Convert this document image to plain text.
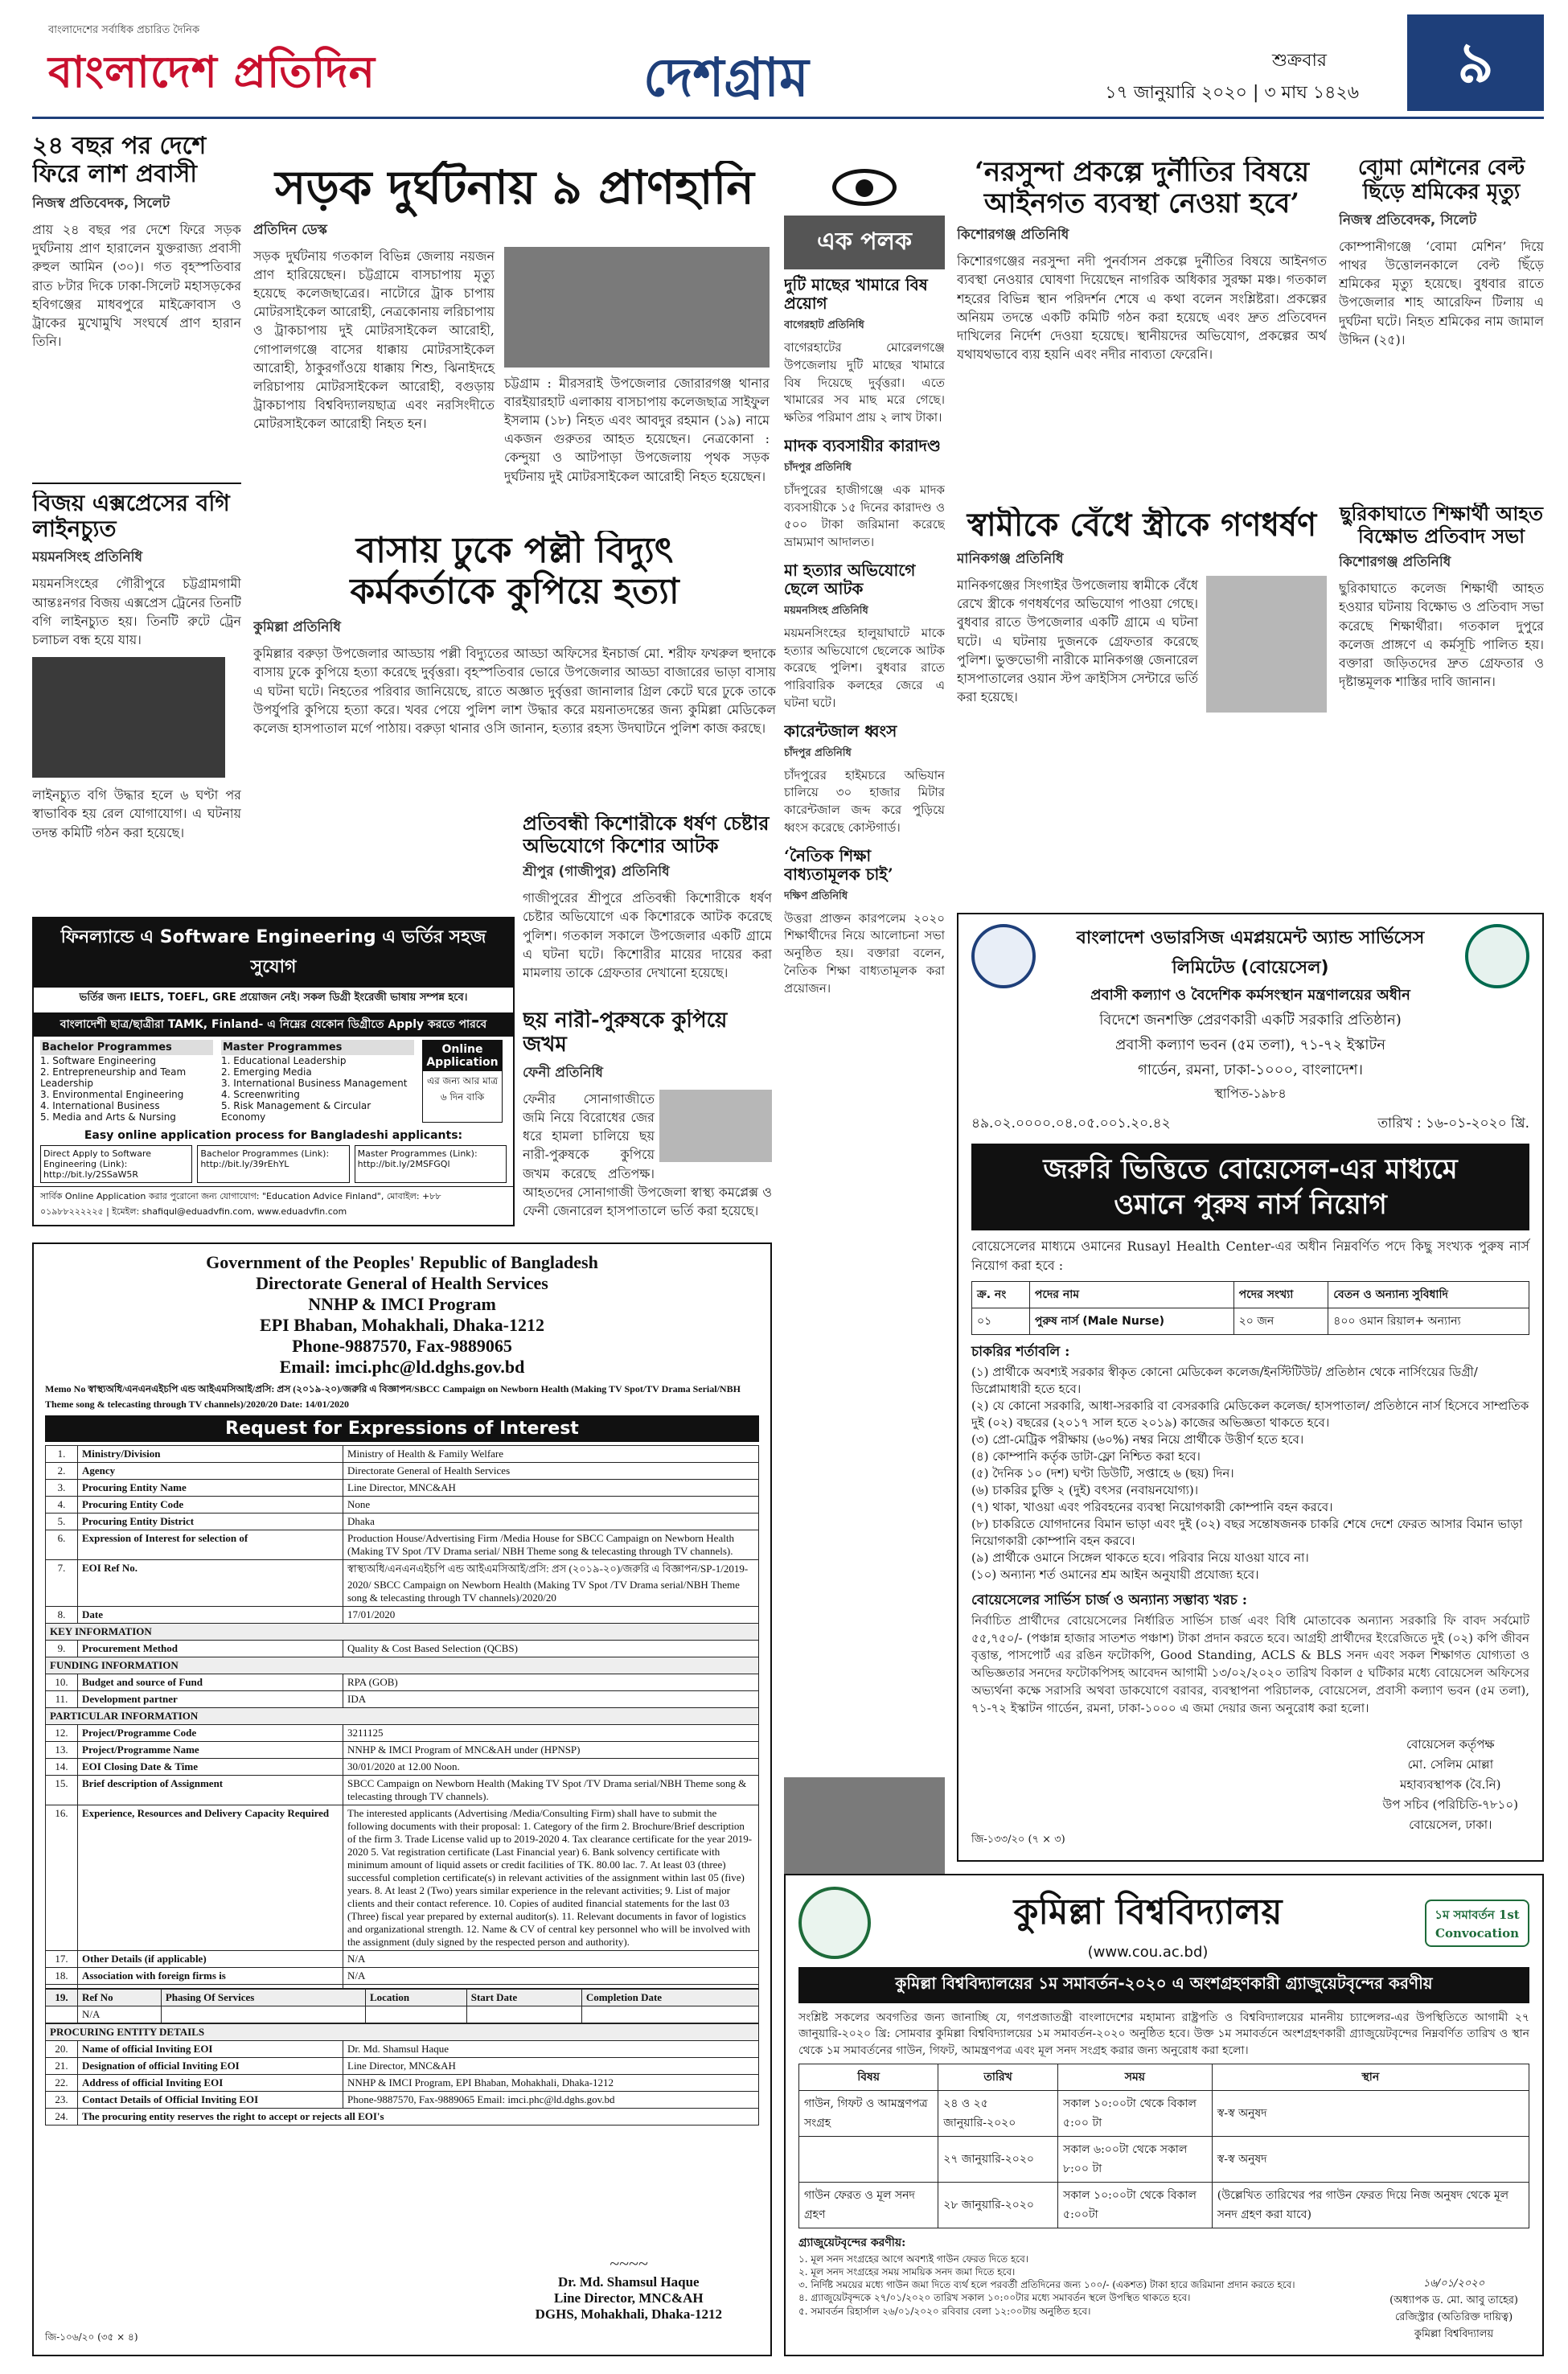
বাংলাদেশের সর্বাধিক প্রচারিত দৈনিক
বাংলাদেশ প্রতিদিন	দেশগ্রাম	শুক্রবার
১৭ জানুয়ারি ২০২০ | ৩ মাঘ ১৪২৬	৯
২৪ বছর পর দেশে ফিরে লাশ প্রবাসী
নিজস্ব প্রতিবেদক, সিলেট

প্রায় ২৪ বছর পর দেশে ফিরে সড়ক দুর্ঘটনায় প্রাণ হারালেন যুক্তরাজ্য প্রবাসী রুহুল আমিন (৩০)। গত বৃহস্পতিবার রাত ৮টার দিকে ঢাকা-সিলেট মহাসড়কের হবিগঞ্জের মাধবপুরে মাইক্রোবাস ও ট্রাকের মুখোমুখি সংঘর্ষে প্রাণ হারান তিনি।

বিজয় এক্সপ্রেসের বগি লাইনচ্যুত
ময়মনসিংহ প্রতিনিধি

ময়মনসিংহের গৌরীপুরে চট্টগ্রামগামী আন্তঃনগর বিজয় এক্সপ্রেস ট্রেনের তিনটি বগি লাইনচ্যুত হয়। তিনটি রুটে ট্রেন চলাচল বন্ধ হয়ে যায়।

লাইনচ্যুত বগি উদ্ধার হলে ৬ ঘণ্টা পর স্বাভাবিক হয় রেল যোগাযোগ। এ ঘটনায় তদন্ত কমিটি গঠন করা হয়েছে।

সড়ক দুর্ঘটনায় ৯ প্রাণহানি
প্রতিদিন ডেস্ক

সড়ক দুর্ঘটনায় গতকাল বিভিন্ন জেলায় নয়জন প্রাণ হারিয়েছেন। চট্টগ্রামে বাসচাপায় মৃত্যু হয়েছে কলেজছাত্রের। নাটোরে ট্রাক চাপায় মোটরসাইকেল আরোহী, নেত্রকোনায় লরিচাপায় ও ট্রাকচাপায় দুই মোটরসাইকেল আরোহী, গোপালগঞ্জে বাসের ধাক্কায় মোটরসাইকেল আরোহী, ঠাকুরগাঁওয়ে ধাক্কায় শিশু, ঝিনাইদহে লরিচাপায় মোটরসাইকেল আরোহী, বগুড়ায় ট্রাকচাপায় বিশ্ববিদ্যালয়ছাত্র এবং নরসিংদীতে মোটরসাইকেল আরোহী নিহত হন।

চট্টগ্রাম : মীরসরাই উপজেলার জোরারগঞ্জ থানার বারইয়ারহাট এলাকায় বাসচাপায় কলেজছাত্র সাইফুল ইসলাম (১৮) নিহত এবং আবদুর রহমান (১৯) নামে একজন গুরুতর আহত হয়েছেন। নেত্রকোনা : কেন্দুয়া ও আটপাড়া উপজেলায় পৃথক সড়ক দুর্ঘটনায় দুই মোটরসাইকেল আরোহী নিহত হয়েছেন।

বাসায় ঢুকে পল্লী বিদ্যুৎ
কর্মকর্তাকে কুপিয়ে হত্যা
কুমিল্লা প্রতিনিধি

কুমিল্লার বরুড়া উপজেলার আড্ডায় পল্লী বিদ্যুতের আড্ডা অফিসের ইনচার্জ মো. শরীফ ফখরুল হুদাকে বাসায় ঢুকে কুপিয়ে হত্যা করেছে দুর্বৃত্তরা। বৃহস্পতিবার ভোরে উপজেলার আড্ডা বাজারের ভাড়া বাসায় এ ঘটনা ঘটে। নিহতের পরিবার জানিয়েছে, রাতে অজ্ঞাত দুর্বৃত্তরা জানালার গ্রিল কেটে ঘরে ঢুকে তাকে উপর্যুপরি কুপিয়ে হত্যা করে। খবর পেয়ে পুলিশ লাশ উদ্ধার করে ময়নাতদন্তের জন্য কুমিল্লা মেডিকেল কলেজ হাসপাতাল মর্গে পাঠায়। বরুড়া থানার ওসি জানান, হত্যার রহস্য উদঘাটনে পুলিশ কাজ করছে।

প্রতিবন্ধী কিশোরীকে ধর্ষণ চেষ্টার অভিযোগে কিশোর আটক
শ্রীপুর (গাজীপুর) প্রতিনিধি

গাজীপুরের শ্রীপুরে প্রতিবন্ধী কিশোরীকে ধর্ষণ চেষ্টার অভিযোগে এক কিশোরকে আটক করেছে পুলিশ। গতকাল সকালে উপজেলার একটি গ্রামে এ ঘটনা ঘটে। কিশোরীর মায়ের দায়ের করা মামলায় তাকে গ্রেফতার দেখানো হয়েছে।

ছয় নারী-পুরুষকে কুপিয়ে জখম
ফেনী প্রতিনিধি

ফেনীর সোনাগাজীতে জমি নিয়ে বিরোধের জের ধরে হামলা চালিয়ে ছয় নারী-পুরুষকে কুপিয়ে জখম করেছে প্রতিপক্ষ। আহতদের সোনাগাজী উপজেলা স্বাস্থ্য কমপ্লেক্স ও ফেনী জেনারেল হাসপাতালে ভর্তি করা হয়েছে।

ফিনল্যান্ডে এ Software Engineering এ ভর্তির সহজ সুযোগ
ভর্তির জন্য IELTS, TOEFL, GRE প্রয়োজন নেই। সকল ডিগ্রী ইংরেজী ভাষায় সম্পন্ন হবে।
বাংলাদেশী ছাত্র/ছাত্রীরা TAMK, Finland- এ নিম্নের যেকোন ডিগ্রীতে Apply করতে পারবে
Bachelor Programmes
1. Software Engineering
2. Entrepreneurship and Team Leadership
3. Environmental Engineering
4. International Business
5. Media and Arts & Nursing
Master Programmes
1. Educational Leadership
2. Emerging Media
3. International Business Management
4. Screenwriting
5. Risk Management & Circular Economy
Online Application
এর জন্য আর মাত্র ৬ দিন বাকি
Easy online application process for Bangladeshi applicants:
Direct Apply to Software Engineering (Link): http://bit.ly/2SSaW5R
Bachelor Programmes (Link): http://bit.ly/39rEhYL
Master Programmes (Link): http://bit.ly/2MSFGQl
সার্বিক Online Application করার পুরোনো জন্য যোগাযোগ: "Education Advice Finland", মোবাইল: +৮৮ ০১৯৮৮২২২২২৫ | ইমেইল: shafiqul@eduadvfin.com, www.eduadvfin.com
Government of the Peoples' Republic of Bangladesh
Directorate General of Health Services
NNHP & IMCI Program
EPI Bhaban, Mohakhali, Dhaka-1212
Phone-9887570, Fax-9889065
Email: imci.phc@ld.dghs.gov.bd
Memo No স্বাস্থ্যঅধি/এনএনএইচপি এন্ড আইএমসিআই/প্রসি: প্রস (২০১৯-২০)/জরুরি এ বিজ্ঞাপন/SBCC Campaign on Newborn Health (Making TV Spot/TV Drama Serial/NBH Theme song & telecasting through TV channels)/2020/20 Date: 14/01/2020
Request for Expressions of Interest
1.	Ministry/Division	Ministry of Health & Family Welfare
2.	Agency	Directorate General of Health Services
3.	Procuring Entity Name	Line Director, MNC&AH
4.	Procuring Entity Code	None
5.	Procuring Entity District	Dhaka
6.	Expression of Interest for selection of	Production House/Advertising Firm /Media House for SBCC Campaign on Newborn Health (Making TV Spot /TV Drama serial/ NBH Theme song & telecasting through TV channels).
7.	EOI Ref No.	স্বাস্থ্যঅধি/এনএনএইচপি এন্ড আইএমসিআই/প্রসি: প্রস (২০১৯-২০)/জরুরি এ বিজ্ঞাপন/SP-1/2019-2020/ SBCC Campaign on Newborn Health (Making TV Spot /TV Drama serial/NBH Theme song & telecasting through TV channels)/2020/20
8.	Date	17/01/2020
KEY INFORMATION		
9.	Procurement Method	Quality & Cost Based Selection (QCBS)
FUNDING INFORMATION		
10.	Budget and source of Fund	RPA (GOB)
11.	Development partner	IDA
PARTICULAR INFORMATION		
12.	Project/Programme Code	3211125
13.	Project/Programme Name	NNHP & IMCI Program of MNC&AH under (HPNSP)
14.	EOI Closing Date & Time	30/01/2020 at 12.00 Noon.
15.	Brief description of Assignment	SBCC Campaign on Newborn Health (Making TV Spot /TV Drama serial/NBH Theme song & telecasting through TV channels).
16.	Experience, Resources and Delivery Capacity Required	The interested applicants (Advertising /Media/Consulting Firm) shall have to submit the following documents with their proposal: 1. Category of the firm 2. Brochure/Brief description of the firm 3. Trade License valid up to 2019-2020 4. Tax clearance certificate for the year 2019-2020 5. Vat registration certificate (Last Financial year) 6. Bank solvency certificate with minimum amount of liquid assets or credit facilities of TK. 80.00 lac. 7. At least 03 (three) successful completion certificate(s) in relevant activities of the assignment within last 05 (five) years. 8. At least 2 (Two) years similar experience in the relevant activities; 9. List of major clients and their contact reference. 10. Copies of audited financial statements for the last 03 (Three) fiscal year prepared by external auditor(s). 11. Relevant documents in favor of logistics and organizational strength. 12. Name & CV of central key personnel who will be involved with the assignment (duly signed by the respected person and authority).
17.	Other Details (if applicable)	N/A
18.	Association with foreign firms is	N/A

19.	Ref No	Phasing Of Services	Location	Start Date	Completion Date
	N/A				
PROCURING ENTITY DETAILS		
20.	Name of official Inviting EOI	Dr. Md. Shamsul Haque
21.	Designation of official Inviting EOI	Line Director, MNC&AH
22.	Address of official Inviting EOI	NNHP & IMCI Program, EPI Bhaban, Mohakhali, Dhaka-1212
23.	Contact Details of Official Inviting EOI	Phone-9887570, Fax-9889065 Email: imci.phc@ld.dghs.gov.bd
24.	The procuring entity reserves the right to accept or rejects all EOI's	
~~~~
Dr. Md. Shamsul Haque
Line Director, MNC&AH
DGHS, Mohakhali, Dhaka-1212
জি-১০৬/২০ (৩৫ × ৪)
এক পলক
দুটি মাছের খামারে বিষ প্রয়োগ
বাগেরহাট প্রতিনিধি

বাগেরহাটের মোরেলগঞ্জে উপজেলায় দুটি মাছের খামারে বিষ দিয়েছে দুর্বৃত্তরা। এতে খামারের সব মাছ মরে গেছে। ক্ষতির পরিমাণ প্রায় ২ লাখ টাকা।

মাদক ব্যবসায়ীর কারাদণ্ড
চাঁদপুর প্রতিনিধি

চাঁদপুরের হাজীগঞ্জে এক মাদক ব্যবসায়ীকে ১৫ দিনের কারাদণ্ড ও ৫০০ টাকা জরিমানা করেছে ভ্রাম্যমাণ আদালত।

মা হত্যার অভিযোগে ছেলে আটক
ময়মনসিংহ প্রতিনিধি

ময়মনসিংহের হালুয়াঘাটে মাকে হত্যার অভিযোগে ছেলেকে আটক করেছে পুলিশ। বুধবার রাতে পারিবারিক কলহের জেরে এ ঘটনা ঘটে।

কারেন্টজাল ধ্বংস
চাঁদপুর প্রতিনিধি

চাঁদপুরের হাইমচরে অভিযান চালিয়ে ৩০ হাজার মিটার কারেন্টজাল জব্দ করে পুড়িয়ে ধ্বংস করেছে কোস্টগার্ড।

‘নৈতিক শিক্ষা বাধ্যতামূলক চাই’
দক্ষিণ প্রতিনিধি

উত্তরা প্রাক্তন কারপলেম ২০২০ শিক্ষার্থীদের নিয়ে আলোচনা সভা অনুষ্ঠিত হয়। বক্তারা বলেন, নৈতিক শিক্ষা বাধ্যতামূলক করা প্রয়োজন।

‘নরসুন্দা প্রকল্পে দুর্নীতির বিষয়ে
আইনগত ব্যবস্থা নেওয়া হবে’
কিশোরগঞ্জ প্রতিনিধি

কিশোরগঞ্জের নরসুন্দা নদী পুনর্বাসন প্রকল্পে দুর্নীতির বিষয়ে আইনগত ব্যবস্থা নেওয়ার ঘোষণা দিয়েছেন নাগরিক অধিকার সুরক্ষা মঞ্চ। গতকাল শহরের বিভিন্ন স্থান পরিদর্শন শেষে এ কথা বলেন সংশ্লিষ্টরা। প্রকল্পের অনিয়ম তদন্তে একটি কমিটি গঠন করা হয়েছে এবং দ্রুত প্রতিবেদন দাখিলের নির্দেশ দেওয়া হয়েছে। স্থানীয়দের অভিযোগ, প্রকল্পের অর্থ যথাযথভাবে ব্যয় হয়নি এবং নদীর নাব্যতা ফেরেনি।

বোমা মেশিনের বেল্ট ছিঁড়ে শ্রমিকের মৃত্যু
নিজস্ব প্রতিবেদক, সিলেট

কোম্পানীগঞ্জে ‘বোমা মেশিন’ দিয়ে পাথর উত্তোলনকালে বেল্ট ছিঁড়ে শ্রমিকের মৃত্যু হয়েছে। বুধবার রাতে উপজেলার শাহ আরেফিন টিলায় এ দুর্ঘটনা ঘটে। নিহত শ্রমিকের নাম জামাল উদ্দিন (২৫)।

স্বামীকে বেঁধে স্ত্রীকে গণধর্ষণ
মানিকগঞ্জ প্রতিনিধি

মানিকগঞ্জের সিংগাইর উপজেলায় স্বামীকে বেঁধে রেখে স্ত্রীকে গণধর্ষণের অভিযোগ পাওয়া গেছে। বুধবার রাতে উপজেলার একটি গ্রামে এ ঘটনা ঘটে। এ ঘটনায় দুজনকে গ্রেফতার করেছে পুলিশ। ভুক্তভোগী নারীকে মানিকগঞ্জ জেনারেল হাসপাতালের ওয়ান স্টপ ক্রাইসিস সেন্টারে ভর্তি করা হয়েছে।

ছুরিকাঘাতে শিক্ষার্থী আহত বিক্ষোভ প্রতিবাদ সভা
কিশোরগঞ্জ প্রতিনিধি

ছুরিকাঘাতে কলেজ শিক্ষার্থী আহত হওয়ার ঘটনায় বিক্ষোভ ও প্রতিবাদ সভা করেছে শিক্ষার্থীরা। গতকাল দুপুরে কলেজ প্রাঙ্গণে এ কর্মসূচি পালিত হয়। বক্তারা জড়িতদের দ্রুত গ্রেফতার ও দৃষ্টান্তমূলক শাস্তির দাবি জানান।

বাংলাদেশ ওভারসিজ এমপ্লয়মেন্ট অ্যান্ড সার্ভিসেস লিমিটেড (বোয়েসেল)
প্রবাসী কল্যাণ ও বৈদেশিক কর্মসংস্থান মন্ত্রণালয়ের অধীন
বিদেশে জনশক্তি প্রেরণকারী একটি সরকারি প্রতিষ্ঠান)
প্রবাসী কল্যাণ ভবন (৫ম তলা), ৭১-৭২ ইস্কাটন
গার্ডেন, রমনা, ঢাকা-১০০০, বাংলাদেশ।
স্থাপিত-১৯৮৪
৪৯.০২.০০০০.০৪.০৫.০০১.২০.৪২	তারিখ : ১৬-০১-২০২০ খ্রি.
জরুরি ভিত্তিতে বোয়েসেল-এর মাধ্যমে
ওমানে পুরুষ নার্স নিয়োগ

বোয়েসেলের মাধ্যমে ওমানের Rusayl Health Center-এর অধীন নিম্নবর্ণিত পদে কিছু সংখ্যক পুরুষ নার্স নিয়োগ করা হবে :

ক্র. নং	পদের নাম	পদের সংখ্যা	বেতন ও অন্যান্য সুবিধাদি
০১	পুরুষ নার্স (Male Nurse)	২০ জন	৪০০ ওমান রিয়াল+ অন্যান্য
চাকরির শর্তাবলি :
(১) প্রার্থীকে অবশ্যই সরকার স্বীকৃত কোনো মেডিকেল কলেজ/ইনস্টিটিউট/ প্রতিষ্ঠান থেকে নার্সিংয়ের ডিগ্রী/ ডিপ্লোমাধারী হতে হবে।
(২) যে কোনো সরকারি, আধা-সরকারি বা বেসরকারি মেডিকেল কলেজ/ হাসপাতাল/ প্রতিষ্ঠানে নার্স হিসেবে সাম্প্রতিক দুই (০২) বছরের (২০১৭ সাল হতে ২০১৯) কাজের অভিজ্ঞতা থাকতে হবে।
(৩) প্রো-মেট্রিক পরীক্ষায় (৬০%) নম্বর নিয়ে প্রার্থীকে উত্তীর্ণ হতে হবে।
(৪) কোম্পানি কর্তৃক ডাটা-ফ্লো নিশ্চিত করা হবে।
(৫) দৈনিক ১০ (দশ) ঘণ্টা ডিউটি, সপ্তাহে ৬ (ছয়) দিন।
(৬) চাকরির চুক্তি ২ (দুই) বৎসর (নবায়নযোগ্য)।
(৭) থাকা, খাওয়া এবং পরিবহনের ব্যবস্থা নিয়োগকারী কোম্পানি বহন করবে।
(৮) চাকরিতে যোগদানের বিমান ভাড়া এবং দুই (০২) বছর সন্তোষজনক চাকরি শেষে দেশে ফেরত আসার বিমান ভাড়া নিয়োগকারী কোম্পানি বহন করবে।
(৯) প্রার্থীকে ওমানে সিঙ্গেল থাকতে হবে। পরিবার নিয়ে যাওয়া যাবে না।
(১০) অন্যান্য শর্ত ওমানের শ্রম আইন অনুযায়ী প্রযোজ্য হবে।
বোয়েসেলের সার্ভিস চার্জ ও অন্যান্য সম্ভাব্য খরচ :

নির্বাচিত প্রার্থীদের বোয়েসেলের নির্ধারিত সার্ভিস চার্জ এবং বিধি মোতাবেক অন্যান্য সরকারি ফি বাবদ সর্বমোট ৫৫,৭৫০/- (পঞ্চান্ন হাজার সাতশত পঞ্চাশ) টাকা প্রদান করতে হবে। আগ্রহী প্রার্থীদের ইংরেজিতে দুই (০২) কপি জীবন বৃত্তান্ত, পাসপোর্ট এর রঙিন ফটোকপি, Good Standing, ACLS & BLS সনদ এবং সকল শিক্ষাগত যোগ্যতা ও অভিজ্ঞতার সনদের ফটোকপিসহ আবেদন আগামী ১৩/০২/২০২০ তারিখ বিকাল ৫ ঘটিকার মধ্যে বোয়েসেল অফিসের অভ্যর্থনা কক্ষে সরাসরি অথবা ডাকযোগে বরাবর, ব্যবস্থাপনা পরিচালক, বোয়েসেল, প্রবাসী কল্যাণ ভবন (৫ম তলা), ৭১-৭২ ইস্কাটন গার্ডেন, রমনা, ঢাকা-১০০০ এ জমা দেয়ার জন্য অনুরোধ করা হলো।

বোয়েসেল কর্তৃপক্ষ
মো. সেলিম মোল্লা
মহাব্যবস্থাপক (বৈ.নি)
উপ সচিব (পরিচিতি-৭৮১০)
বোয়েসেল, ঢাকা।
জি-১৩৩/২০ (৭ × ৩)
কুমিল্লা বিশ্ববিদ্যালয়
(www.cou.ac.bd)
১ম সমাবর্তন 1st Convocation
কুমিল্লা বিশ্ববিদ্যালয়ের ১ম সমাবর্তন-২০২০ এ অংশগ্রহণকারী গ্র্যাজুয়েটবৃন্দের করণীয়

সংশ্লিষ্ট সকলের অবগতির জন্য জানাচ্ছি যে, গণপ্রজাতন্ত্রী বাংলাদেশের মহামান্য রাষ্ট্রপতি ও বিশ্ববিদ্যালয়ের মাননীয় চ্যান্সেলর-এর উপস্থিতিতে আগামী ২৭ জানুয়ারি-২০২০ খ্রি: সোমবার কুমিল্লা বিশ্ববিদ্যালয়ের ১ম সমাবর্তন-২০২০ অনুষ্ঠিত হবে। উক্ত ১ম সমাবর্তনে অংশগ্রহণকারী গ্র্যাজুয়েটবৃন্দের নিম্নবর্ণিত তারিখ ও স্থান থেকে ১ম সমাবর্তনের গাউন, গিফট, আমন্ত্রণপত্র এবং মূল সনদ সংগ্রহ করার জন্য অনুরোধ করা হলো।

বিষয়	তারিখ	সময়	স্থান
গাউন, গিফট ও আমন্ত্রণপত্র সংগ্রহ	২৪ ও ২৫ জানুয়ারি-২০২০	সকাল ১০:০০টা থেকে বিকাল ৫:০০ টা	স্ব-স্ব অনুষদ
	২৭ জানুয়ারি-২০২০	সকাল ৬:০০টা থেকে সকাল ৮:০০ টা	স্ব-স্ব অনুষদ
গাউন ফেরত ও মূল সনদ গ্রহণ	২৮ জানুয়ারি-২০২০	সকাল ১০:০০টা থেকে বিকাল ৫:০০টা	(উল্লেখিত তারিখের পর গাউন ফেরত দিয়ে নিজ অনুষদ থেকে মূল সনদ গ্রহণ করা যাবে)
গ্র্যাজুয়েটবৃন্দের করণীয়:
১. মূল সনদ সংগ্রহের আগে অবশ্যই গাউন ফেরত দিতে হবে।
২. মূল সনদ সংগ্রহের সময় সাময়িক সনদ জমা দিতে হবে।
৩. নির্দিষ্ট সময়ের মধ্যে গাউন জমা দিতে ব্যর্থ হলে পরবর্তী প্রতিদিনের জন্য ১০০/- (একশত) টাকা হারে জরিমানা প্রদান করতে হবে।
৪. গ্র্যাজুয়েটবৃন্দকে ২৭/০১/২০২০ তারিখ সকাল ১০:০০টার মধ্যে সমাবর্তন স্থলে উপস্থিত থাকতে হবে।
৫. সমাবর্তন রিহার্সাল ২৬/০১/২০২০ রবিবার বেলা ১২:০০টায় অনুষ্ঠিত হবে।
১৬/০১/২০২০
(অধ্যাপক ড. মো. আবু তাহের)
রেজিস্ট্রার (অতিরিক্ত দায়িত্ব)
কুমিল্লা বিশ্ববিদ্যালয়
